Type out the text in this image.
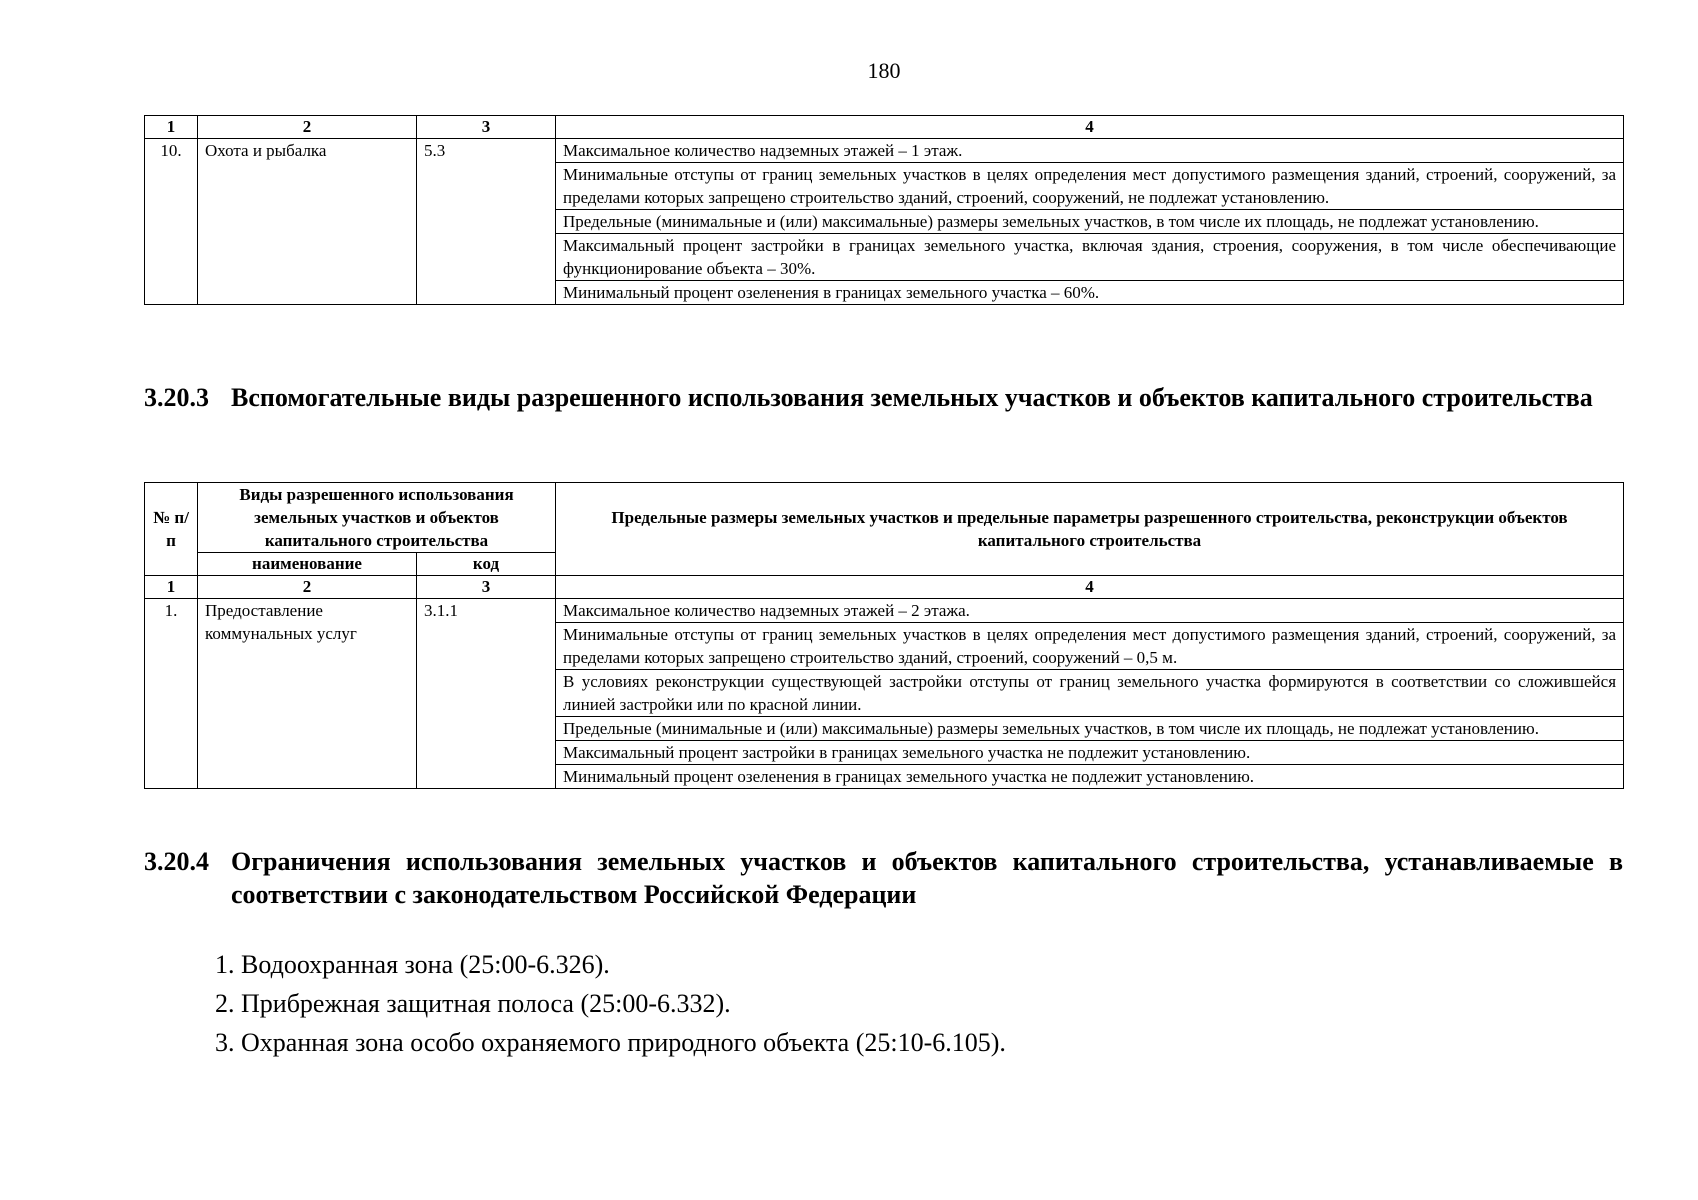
180
1	2	3	4
10.	Охота и рыбалка	5.3	Максимальное количество надземных этажей – 1 этаж.
			Минимальные отступы от границ земельных участков в целях определения мест допустимого размещения зданий, строений, сооружений, за пределами которых запрещено строительство зданий, строений, сооружений, не подлежат установлению.
			Предельные (минимальные и (или) максимальные) размеры земельных участков, в том числе их площадь, не подлежат установлению.
			Максимальный процент застройки в границах земельного участка, включая здания, строения, сооружения, в том числе обеспечивающие функционирование объекта – 30%.
			Минимальный процент озеленения в границах земельного участка – 60%.
3.20.3 Вспомогательные виды разрешенного использования земельных участков и объектов капитального строительства
№ п/п	Виды разрешенного использования земельных участков и объектов капитального строительства		Предельные размеры земельных участков и предельные параметры разрешенного строительства, реконструкции объектов капитального строительства
	наименование	код	
1	2	3	4
1.	Предоставление коммунальных услуг	3.1.1	Максимальное количество надземных этажей – 2 этажа.
			Минимальные отступы от границ земельных участков в целях определения мест допустимого размещения зданий, строений, сооружений, за пределами которых запрещено строительство зданий, строений, сооружений – 0,5 м.
			В условиях реконструкции существующей застройки отступы от границ земельного участка формируются в соответствии со сложившейся линией застройки или по красной линии.
			Предельные (минимальные и (или) максимальные) размеры земельных участков, в том числе их площадь, не подлежат установлению.
			Максимальный процент застройки в границах земельного участка не подлежит установлению.
			Минимальный процент озеленения в границах земельного участка не подлежит установлению.
3.20.4 Ограничения использования земельных участков и объектов капитального строительства, устанавливаемые в соответствии с законодательством Российской Федерации
1. Водоохранная зона (25:00-6.326).
2. Прибрежная защитная полоса (25:00-6.332).
3. Охранная зона особо охраняемого природного объекта (25:10-6.105).
